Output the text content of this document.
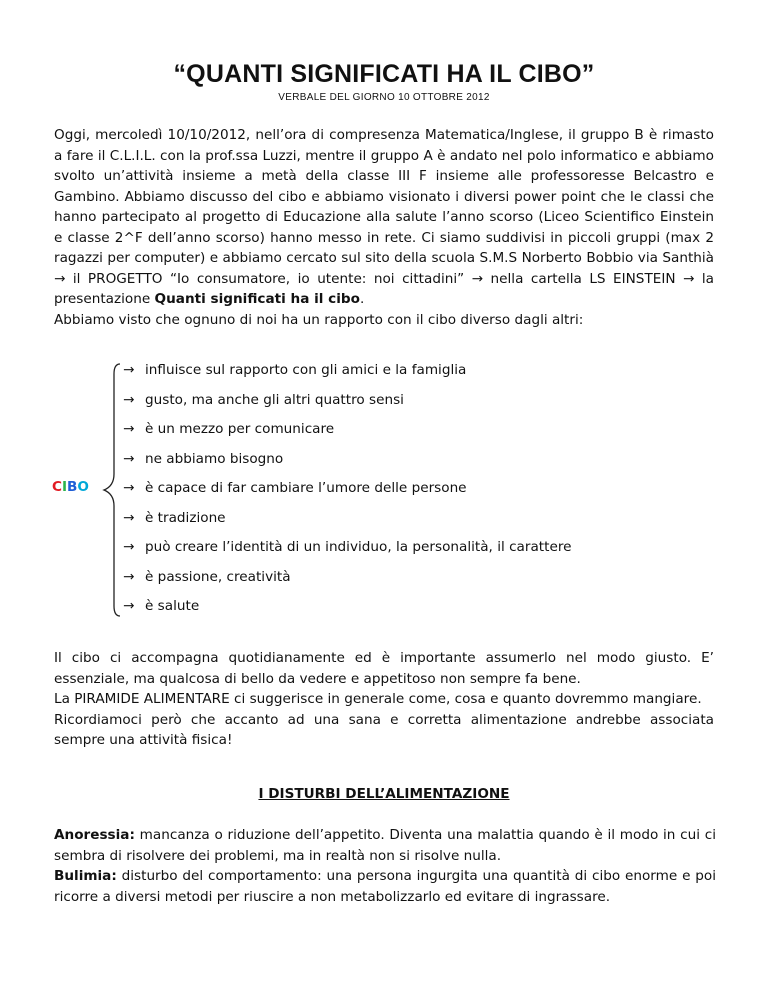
“QUANTI SIGNIFICATI HA IL CIBO”
VERBALE DEL GIORNO 10 OTTOBRE 2012

Oggi, mercoledì 10/10/2012, nell’ora di compresenza Matematica/Inglese, il gruppo B è rimasto a fare il C.L.I.L. con la prof.ssa Luzzi, mentre il gruppo A è andato nel polo informatico e abbiamo svolto un’attività insieme a metà della classe III F insieme alle professoresse Belcastro e Gambino. Abbiamo discusso del cibo e abbiamo visionato i diversi power point che le classi che hanno partecipato al progetto di Educazione alla salute l’anno scorso (Liceo Scientifico Einstein e classe 2^F dell’anno scorso) hanno messo in rete. Ci siamo suddivisi in piccoli gruppi (max 2 ragazzi per computer) e abbiamo cercato sul sito della scuola S.M.S Norberto Bobbio via Santhià → il PROGETTO “Io consumatore, io utente: noi cittadini” → nella cartella LS EINSTEIN → la presentazione Quanti significati ha il cibo.

Abbiamo visto che ognuno di noi ha un rapporto con il cibo diverso dagli altri:

CIBO
→ influisce sul rapporto con gli amici e la famiglia
→ gusto, ma anche gli altri quattro sensi
→ è un mezzo per comunicare
→ ne abbiamo bisogno
→ è capace di far cambiare l’umore delle persone
→ è tradizione
→ può creare l’identità di un individuo, la personalità, il carattere
→ è passione, creatività
→ è salute

Il cibo ci accompagna quotidianamente ed è importante assumerlo nel modo giusto. E’ essenziale, ma qualcosa di bello da vedere e appetitoso non sempre fa bene.

La PIRAMIDE ALIMENTARE ci suggerisce in generale come, cosa e quanto dovremmo mangiare.

Ricordiamoci però che accanto ad una sana e corretta alimentazione andrebbe associata sempre una attività fisica!

I DISTURBI DELL’ALIMENTAZIONE

Anoressia: mancanza o riduzione dell’appetito. Diventa una malattia quando è il modo in cui ci sembra di risolvere dei problemi, ma in realtà non si risolve nulla.

Bulimia: disturbo del comportamento: una persona ingurgita una quantità di cibo enorme e poi ricorre a diversi metodi per riuscire a non metabolizzarlo ed evitare di ingrassare.
